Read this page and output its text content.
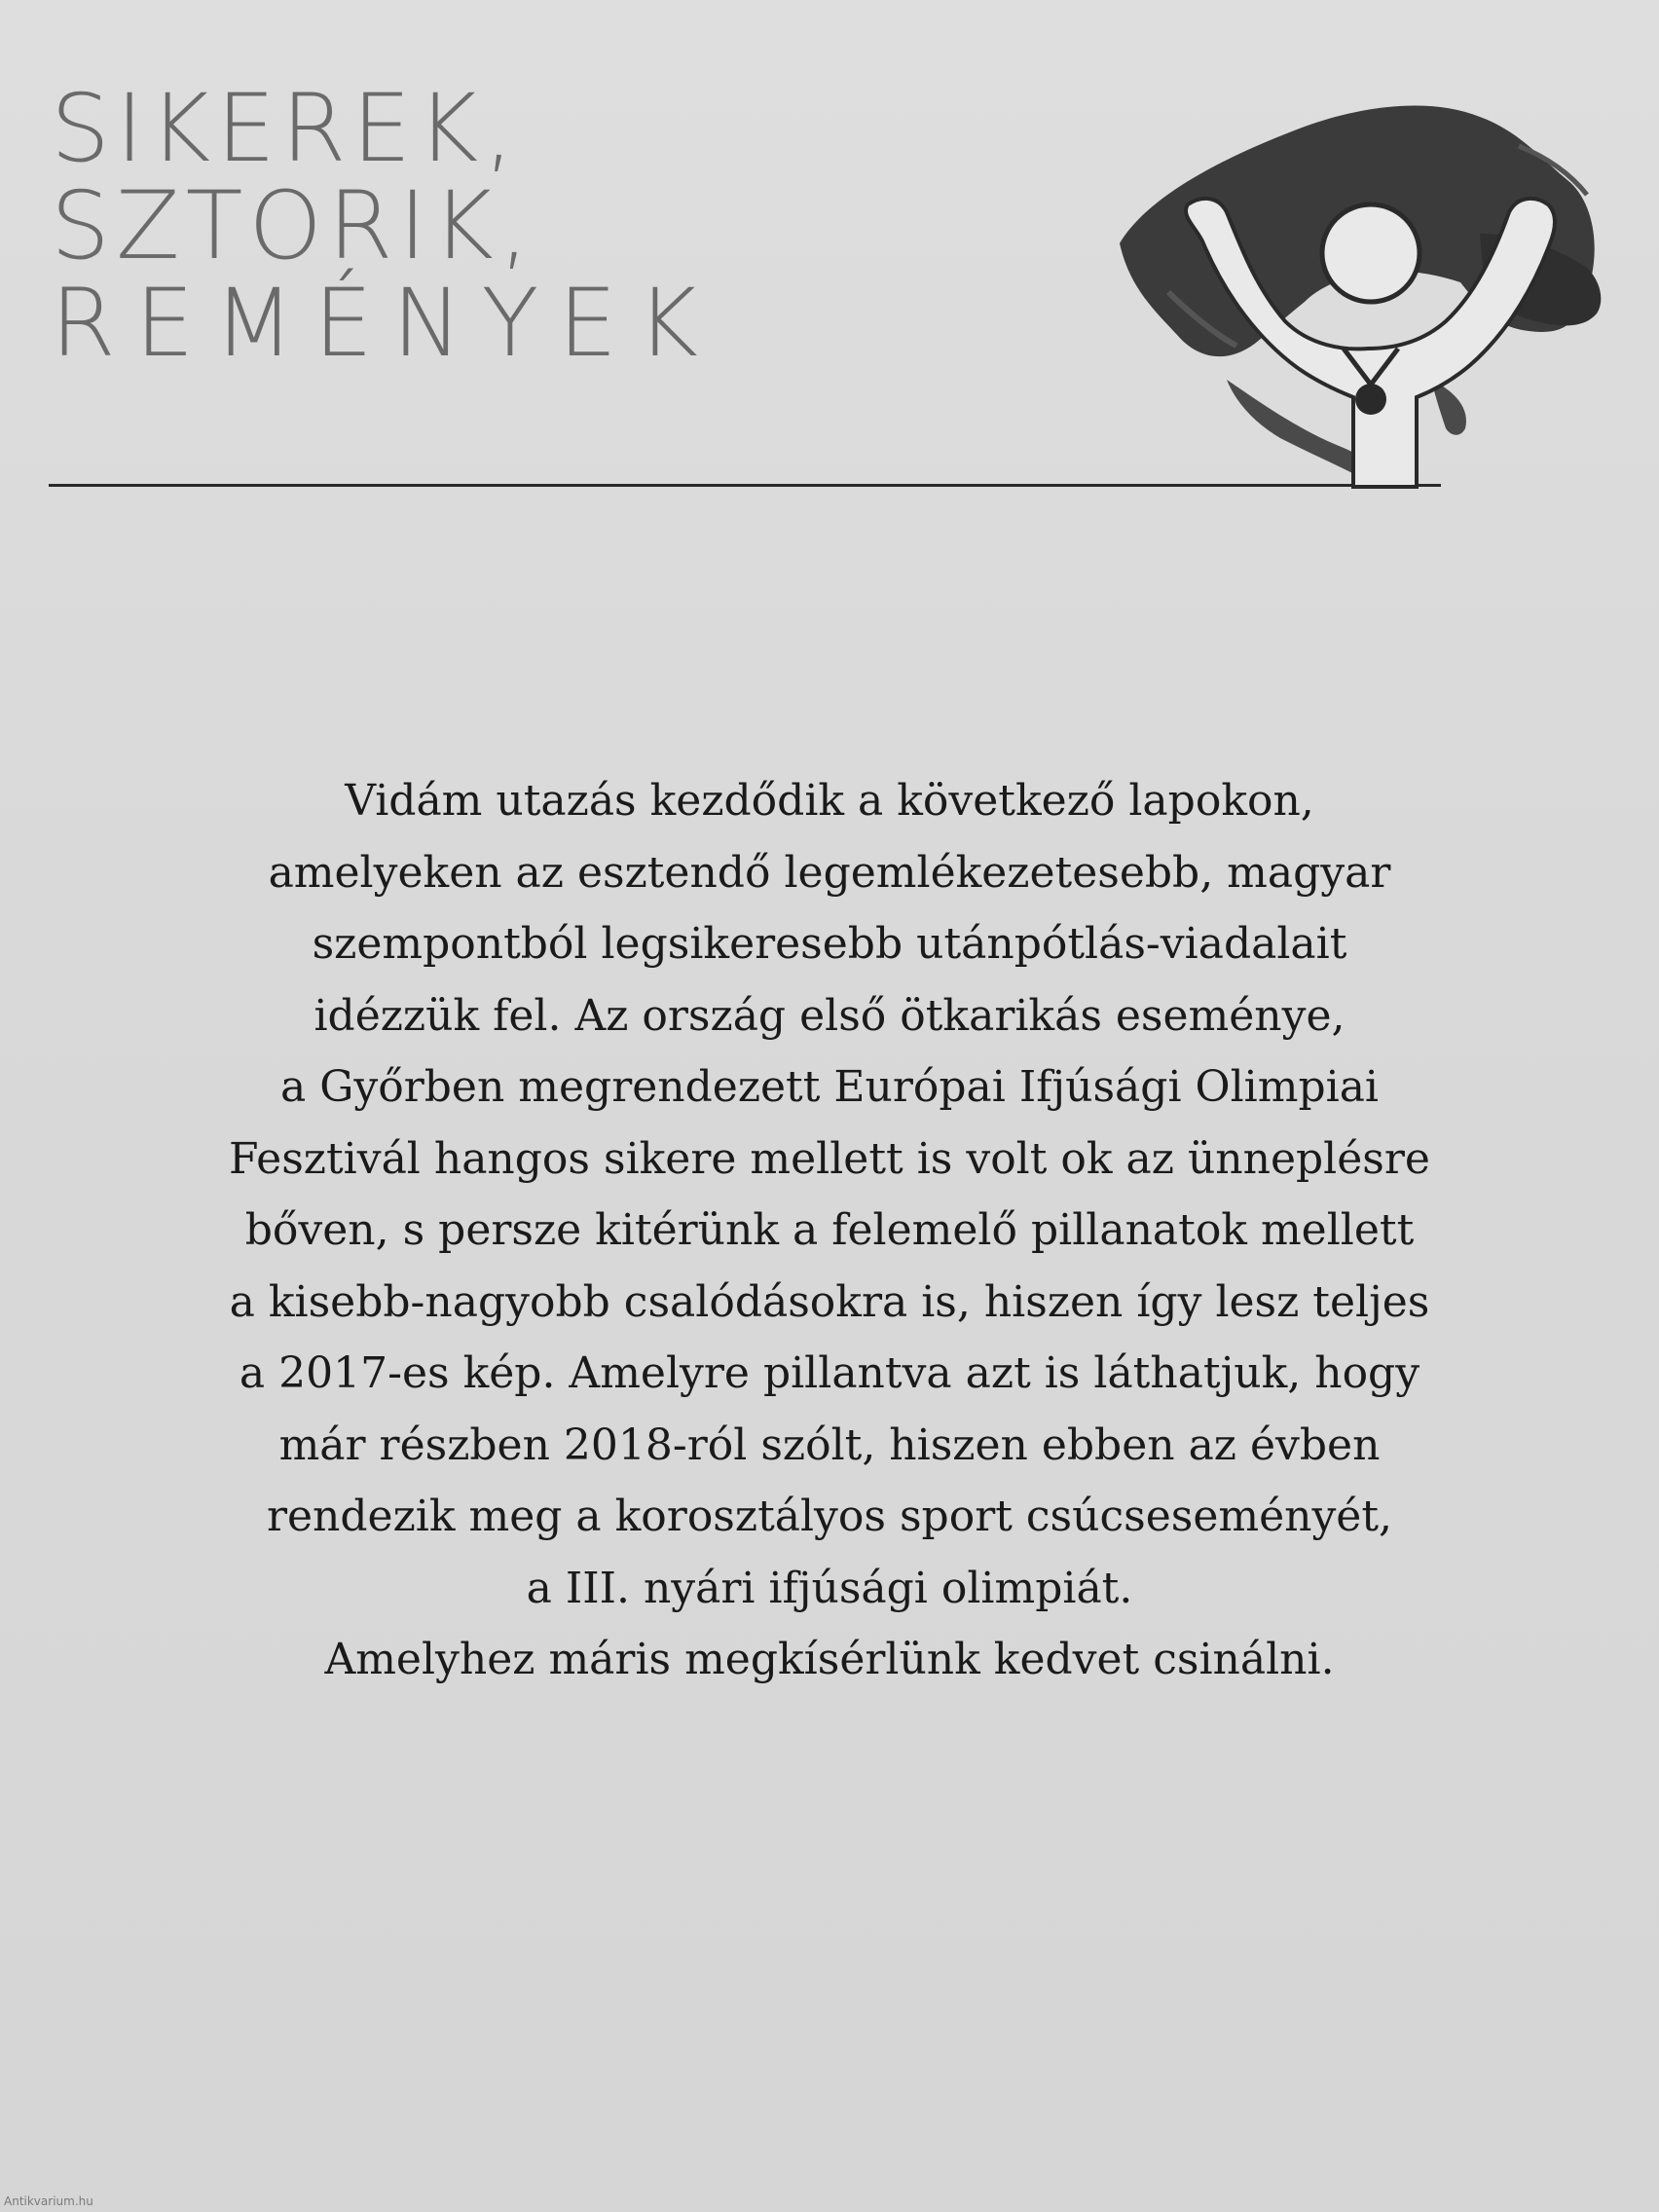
SIKEREK,
SZTORIK,
REMÉNYEK

Vidám utazás kezdődik a következő lapokon,
amelyeken az esztendő legemlékezetesebb, magyar
szempontból legsikeresebb utánpótlás-viadalait
idézzük fel. Az ország első ötkarikás eseménye,
a Győrben megrendezett Európai Ifjúsági Olimpiai
Fesztivál hangos sikere mellett is volt ok az ünneplésre
bőven, s persze kitérünk a felemelő pillanatok mellett
a kisebb-nagyobb csalódásokra is, hiszen így lesz teljes
a 2017-es kép. Amelyre pillantva azt is láthatjuk, hogy
már részben 2018-ról szólt, hiszen ebben az évben
rendezik meg a korosztályos sport csúcseseményét,
a III. nyári ifjúsági olimpiát.
Amelyhez máris megkísérlünk kedvet csinálni.

Antikvarium.hu
